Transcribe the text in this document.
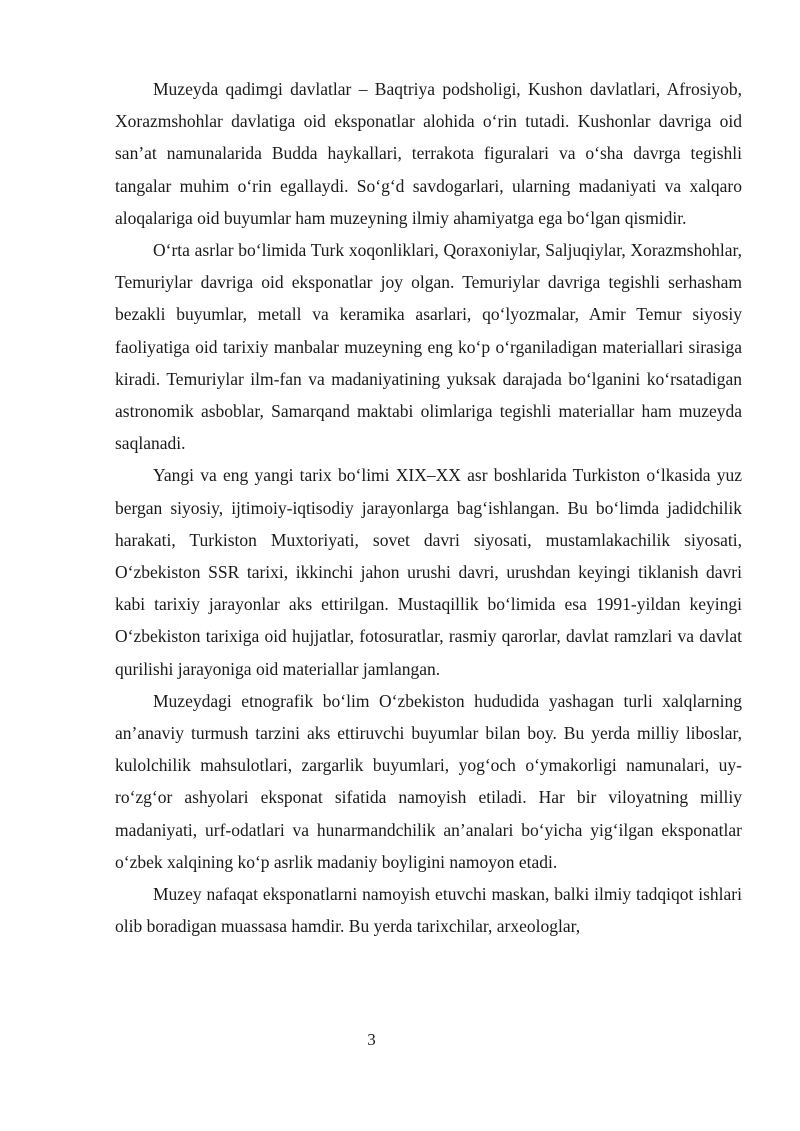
Muzeyda qadimgi davlatlar – Baqtriya podsholigi, Kushon davlatlari, Afrosiyob, Xorazmshohlar davlatiga oid eksponatlar alohida o‘rin tutadi. Kushonlar davriga oid san’at namunalarida Budda haykallari, terrakota figuralari va o‘sha davrga tegishli tangalar muhim o‘rin egallaydi. So‘g‘d savdogarlari, ularning madaniyati va xalqaro aloqalariga oid buyumlar ham muzeyning ilmiy ahamiyatga ega bo‘lgan qismidir.

O‘rta asrlar bo‘limida Turk xoqonliklari, Qoraxoniylar, Saljuqiylar, Xorazmshohlar, Temuriylar davriga oid eksponatlar joy olgan. Temuriylar davriga tegishli serhasham bezakli buyumlar, metall va keramika asarlari, qo‘lyozmalar, Amir Temur siyosiy faoliyatiga oid tarixiy manbalar muzeyning eng ko‘p o‘rganiladigan materiallari sirasiga kiradi. Temuriylar ilm-fan va madaniyatining yuksak darajada bo‘lganini ko‘rsatadigan astronomik asboblar, Samarqand maktabi olimlariga tegishli materiallar ham muzeyda saqlanadi.

Yangi va eng yangi tarix bo‘limi XIX–XX asr boshlarida Turkiston o‘lkasida yuz bergan siyosiy, ijtimoiy-iqtisodiy jarayonlarga bag‘ishlangan. Bu bo‘limda jadidchilik harakati, Turkiston Muxtoriyati, sovet davri siyosati, mustamlakachilik siyosati, O‘zbekiston SSR tarixi, ikkinchi jahon urushi davri, urushdan keyingi tiklanish davri kabi tarixiy jarayonlar aks ettirilgan. Mustaqillik bo‘limida esa 1991-yildan keyingi O‘zbekiston tarixiga oid hujjatlar, fotosuratlar, rasmiy qarorlar, davlat ramzlari va davlat qurilishi jarayoniga oid materiallar jamlangan.

Muzeydagi etnografik bo‘lim O‘zbekiston hududida yashagan turli xalqlarning an’anaviy turmush tarzini aks ettiruvchi buyumlar bilan boy. Bu yerda milliy liboslar, kulolchilik mahsulotlari, zargarlik buyumlari, yog‘och o‘ymakorligi namunalari, uy-ro‘zg‘or ashyolari eksponat sifatida namoyish etiladi. Har bir viloyatning milliy madaniyati, urf-odatlari va hunarmandchilik an’analari bo‘yicha yig‘ilgan eksponatlar o‘zbek xalqining ko‘p asrlik madaniy boyligini namoyon etadi.

Muzey nafaqat eksponatlarni namoyish etuvchi maskan, balki ilmiy tadqiqot ishlari olib boradigan muassasa hamdir. Bu yerda tarixchilar, arxeologlar,

3
